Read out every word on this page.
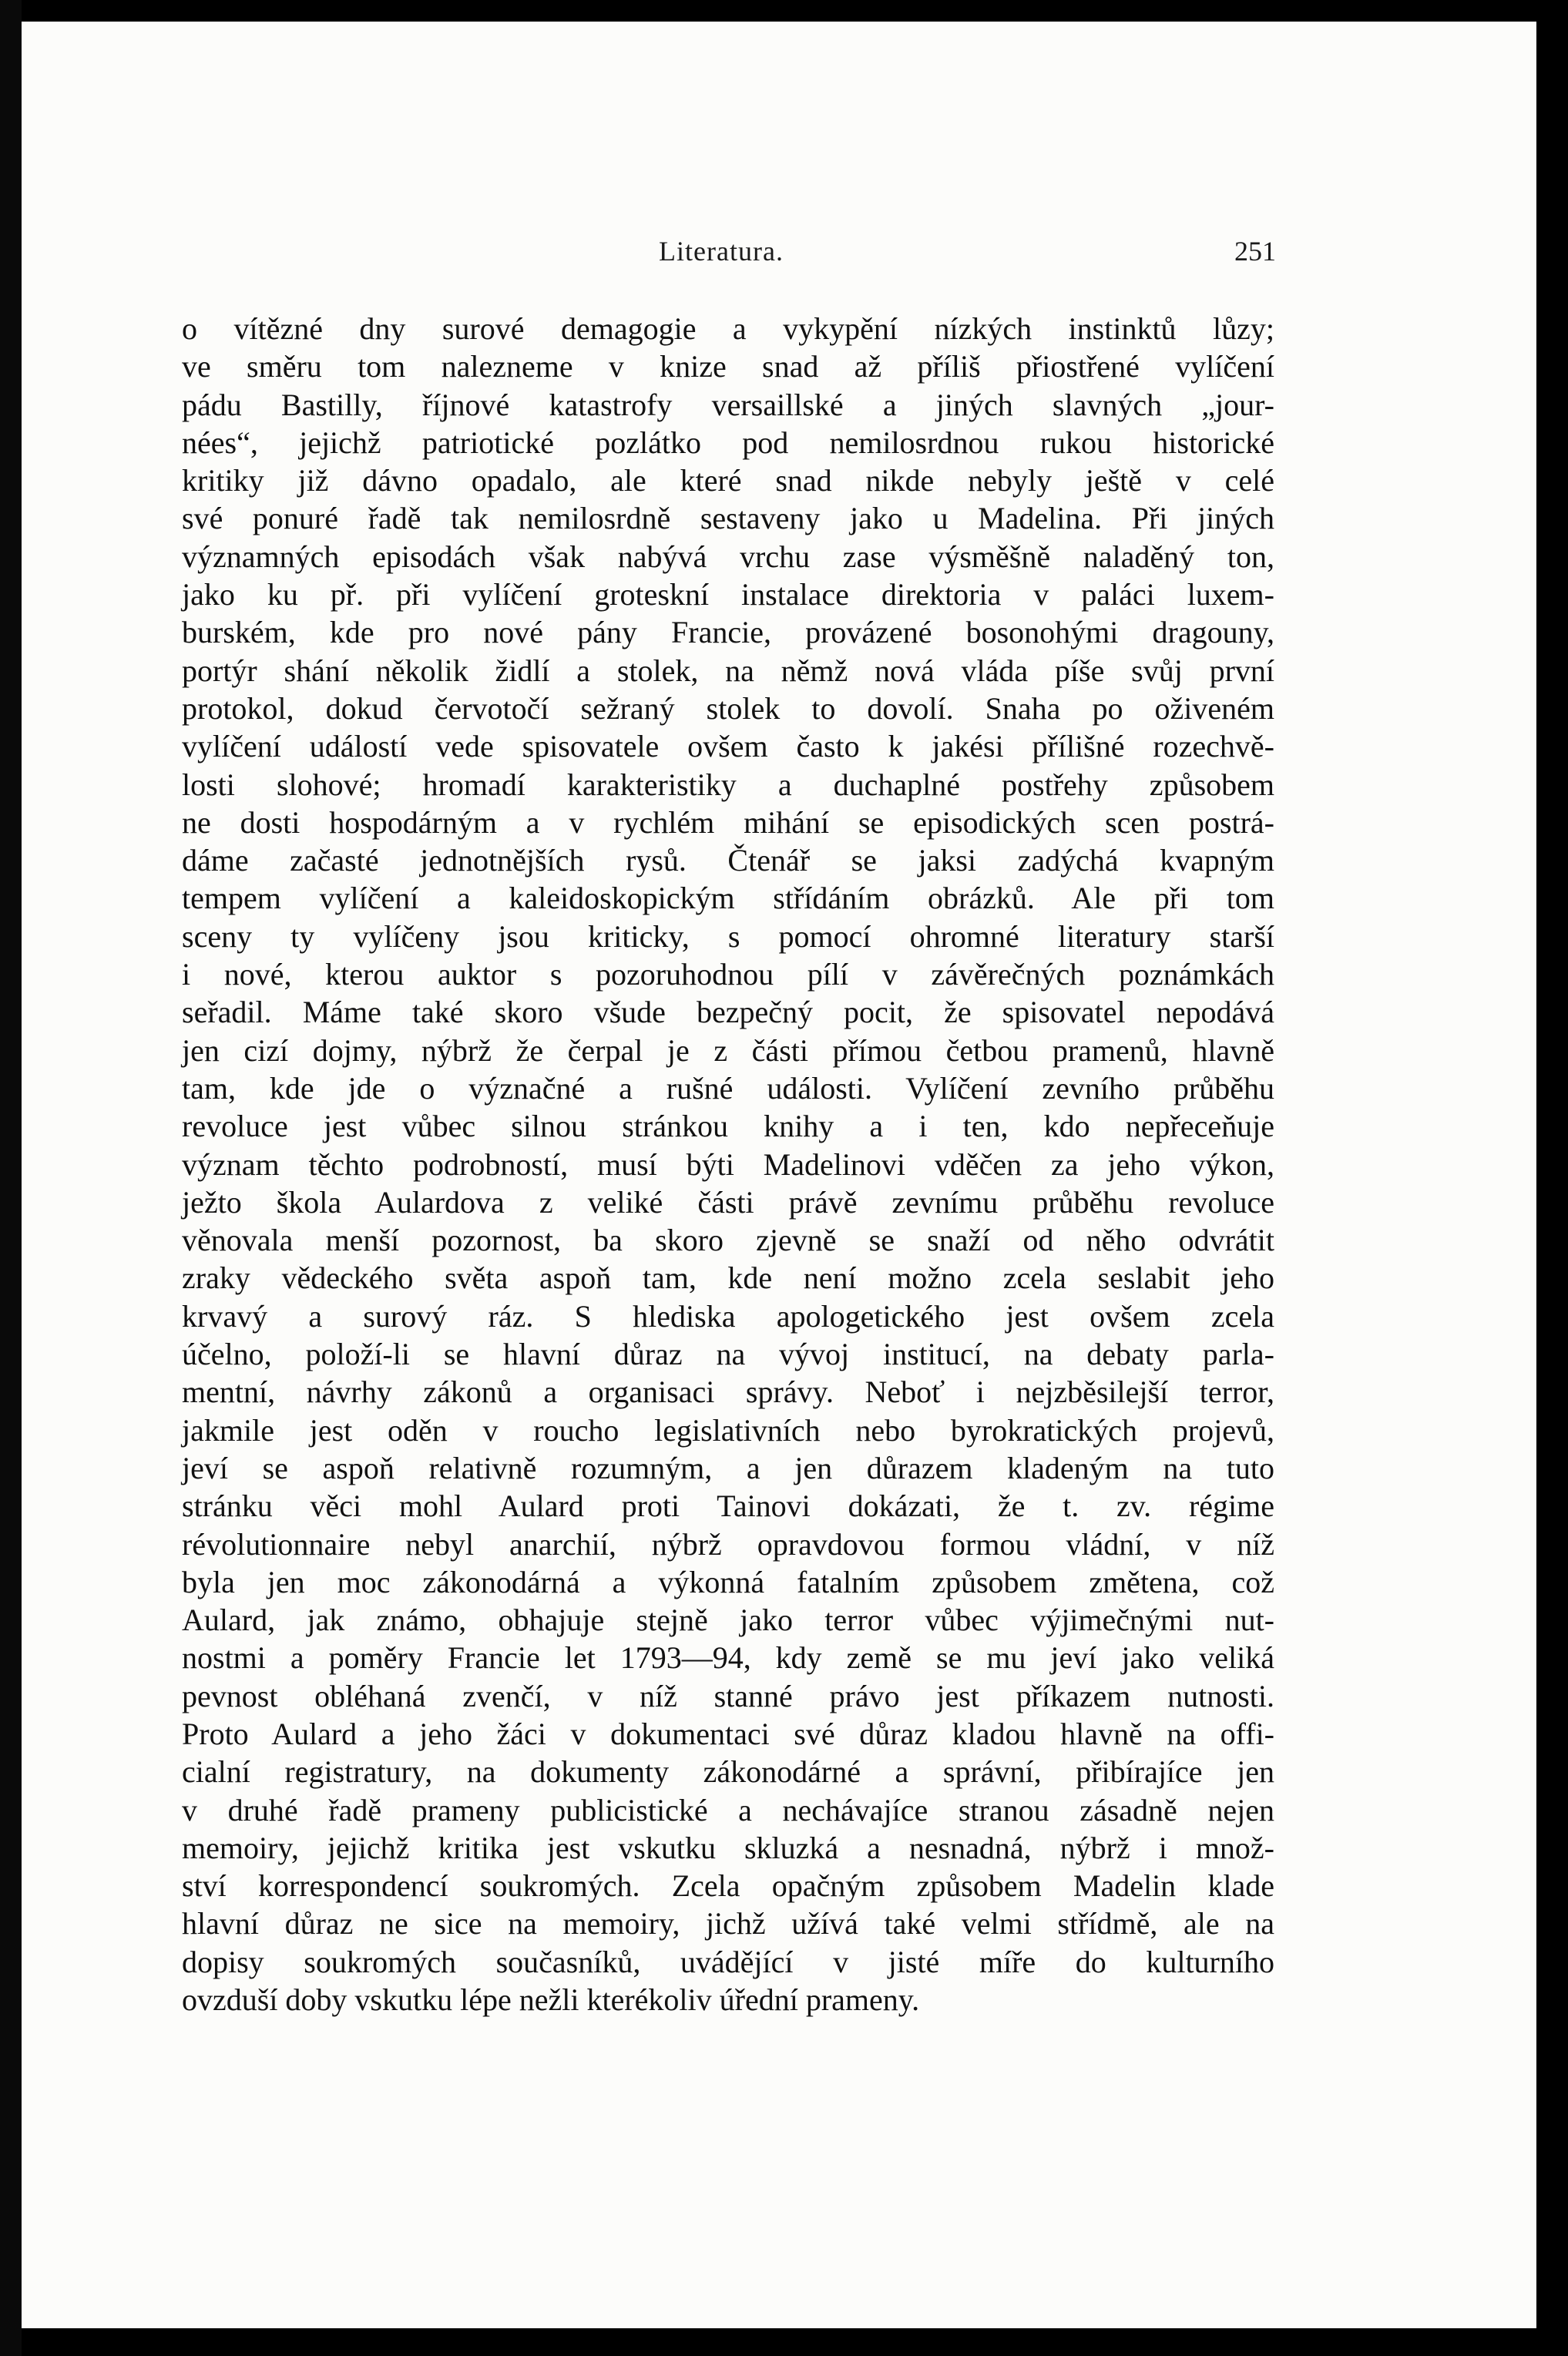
Literatura.	251
o vítězné dny surové demagogie a vykypění nízkých instinktů lůzy;
ve směru tom nalezneme v knize snad až příliš přiostřené vylíčení
pádu Bastilly, říjnové katastrofy versaillské a jiných slavných „jour-
nées“, jejichž patriotické pozlátko pod nemilosrdnou rukou historické
kritiky již dávno opadalo, ale které snad nikde nebyly ještě v celé
své ponuré řadě tak nemilosrdně sestaveny jako u Madelina. Při jiných
významných episodách však nabývá vrchu zase výsměšně naladěný ton,
jako ku př. při vylíčení groteskní instalace direktoria v paláci luxem-
burském, kde pro nové pány Francie, provázené bosonohými dragouny,
portýr shání několik židlí a stolek, na němž nová vláda píše svůj první
protokol, dokud červotočí sežraný stolek to dovolí. Snaha po oživeném
vylíčení událostí vede spisovatele ovšem často k jakési přílišné rozechvě-
losti slohové; hromadí karakteristiky a duchaplné postřehy způsobem
ne dosti hospodárným a v rychlém mihání se episodických scen postrá-
dáme začasté jednotnějších rysů. Čtenář se jaksi zadýchá kvapným
tempem vylíčení a kaleidoskopickým střídáním obrázků. Ale při tom
sceny ty vylíčeny jsou kriticky, s pomocí ohromné literatury starší
i nové, kterou auktor s pozoruhodnou pílí v závěrečných poznámkách
seřadil. Máme také skoro všude bezpečný pocit, že spisovatel nepodává
jen cizí dojmy, nýbrž že čerpal je z části přímou četbou pramenů, hlavně
tam, kde jde o význačné a rušné události. Vylíčení zevního průběhu
revoluce jest vůbec silnou stránkou knihy a i ten, kdo nepřeceňuje
význam těchto podrobností, musí býti Madelinovi vděčen za jeho výkon,
ježto škola Aulardova z veliké části právě zevnímu průběhu revoluce
věnovala menší pozornost, ba skoro zjevně se snaží od něho odvrátit
zraky vědeckého světa aspoň tam, kde není možno zcela seslabit jeho
krvavý a surový ráz. S hlediska apologetického jest ovšem zcela
účelno, položí-li se hlavní důraz na vývoj institucí, na debaty parla-
mentní, návrhy zákonů a organisaci správy. Neboť i nejzběsilejší terror,
jakmile jest oděn v roucho legislativních nebo byrokratických projevů,
jeví se aspoň relativně rozumným, a jen důrazem kladeným na tuto
stránku věci mohl Aulard proti Tainovi dokázati, že t. zv. régime
révolutionnaire nebyl anarchií, nýbrž opravdovou formou vládní, v níž
byla jen moc zákonodárná a výkonná fatalním způsobem změtena, což
Aulard, jak známo, obhajuje stejně jako terror vůbec výjimečnými nut-
nostmi a poměry Francie let 1793—94, kdy země se mu jeví jako veliká
pevnost obléhaná zvenčí, v níž stanné právo jest příkazem nutnosti.
Proto Aulard a jeho žáci v dokumentaci své důraz kladou hlavně na offi-
cialní registratury, na dokumenty zákonodárné a správní, přibírajíce jen
v druhé řadě prameny publicistické a nechávajíce stranou zásadně nejen
memoiry, jejichž kritika jest vskutku skluzká a nesnadná, nýbrž i množ-
ství korrespondencí soukromých. Zcela opačným způsobem Madelin klade
hlavní důraz ne sice na memoiry, jichž užívá také velmi střídmě, ale na
dopisy soukromých současníků, uvádějící v jisté míře do kulturního
ovzduší doby vskutku lépe nežli kterékoliv úřední prameny.
